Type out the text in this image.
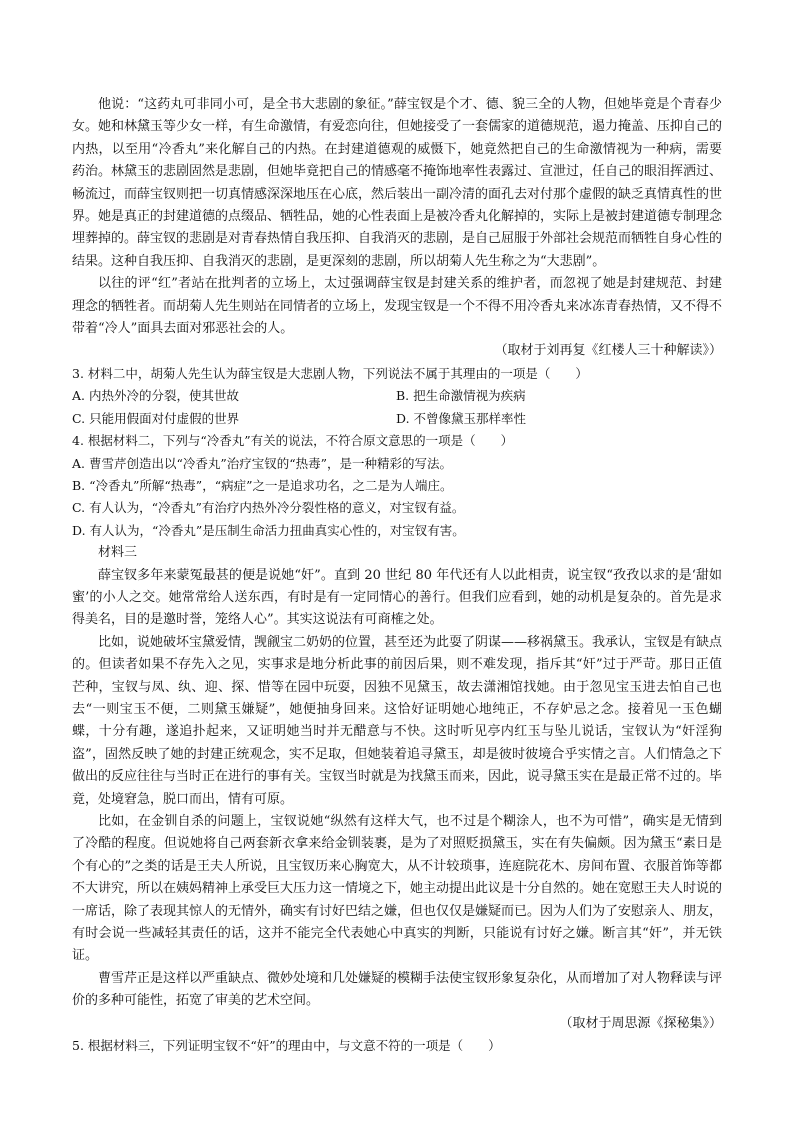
他说：“这药丸可非同小可，是全书大悲剧的象征。”薛宝钗是个才、德、貌三全的人物，但她毕竟是个青春少女。她和林黛玉等少女一样，有生命激情，有爱恋向往，但她接受了一套儒家的道德规范，遏力掩盖、压抑自己的内热，以至用“冷香丸”来化解自己的内热。在封建道德观的威慑下，她竟然把自己的生命激情视为一种病，需要药治。林黛玉的悲剧固然是悲剧，但她毕竟把自己的情感毫不掩饰地率性表露过、宣泄过，任自己的眼泪挥洒过、畅流过，而薛宝钗则把一切真情感深深地压在心底，然后装出一副冷清的面孔去对付那个虚假的缺乏真情真性的世界。她是真正的封建道德的点缀品、牺牲品，她的心性表面上是被冷香丸化解掉的，实际上是被封建道德专制理念埋葬掉的。薛宝钗的悲剧是对青春热情自我压抑、自我消灭的悲剧，是自己屈服于外部社会规范而牺牲自身心性的结果。这种自我压抑、自我消灭的悲剧，是更深刻的悲剧，所以胡菊人先生称之为“大悲剧”。

以往的评“红”者站在批判者的立场上，太过强调薛宝钗是封建关系的维护者，而忽视了她是封建规范、封建理念的牺牲者。而胡菊人先生则站在同情者的立场上，发现宝钗是一个不得不用冷香丸来冰冻青春热情，又不得不带着“冷人”面具去面对邪恶社会的人。

（取材于刘再复《红楼人三十种解读》）

3. 材料二中，胡菊人先生认为薛宝钗是大悲剧人物，下列说法不属于其理由的一项是（　　）

A. 内热外冷的分裂，使其世故	B. 把生命激情视为疾病
C. 只能用假面对付虚假的世界	D. 不曾像黛玉那样率性

4. 根据材料二，下列与“冷香丸”有关的说法，不符合原文意思的一项是（　　）

A. 曹雪芹创造出以“冷香丸”治疗宝钗的“热毒”，是一种精彩的写法。

B. “冷香丸”所解“热毒”，“病症”之一是追求功名，之二是为人端庄。

C. 有人认为，“冷香丸”有治疗内热外冷分裂性格的意义，对宝钗有益。

D. 有人认为，“冷香丸”是压制生命活力扭曲真实心性的，对宝钗有害。

材料三

薛宝钗多年来蒙冤最甚的便是说她“奸”。直到 20 世纪 80 年代还有人以此相责，说宝钗“孜孜以求的是‘甜如蜜’的小人之交。她常常给人送东西，有时是有一定同情心的善行。但我们应看到，她的动机是复杂的。首先是求得美名，目的是邀时誉，笼络人心”。其实这说法有可商榷之处。

比如，说她破坏宝黛爱情，觊觎宝二奶奶的位置，甚至还为此耍了阴谋——移祸黛玉。我承认，宝钗是有缺点的。但读者如果不存先入之见，实事求是地分析此事的前因后果，则不难发现，指斥其“奸”过于严苛。那日正值芒种，宝钗与凤、纨、迎、探、惜等在园中玩耍，因独不见黛玉，故去潇湘馆找她。由于忽见宝玉进去怕自己也去“一则宝玉不便，二则黛玉嫌疑”，她便抽身回来。这恰好证明她心地纯正，不存妒忌之念。接着见一玉色蝴蝶，十分有趣，遂追扑起来，又证明她当时并无醋意与不快。这时听见亭内红玉与坠儿说话，宝钗认为“奸淫狗盗”，固然反映了她的封建正统观念，实不足取，但她装着追寻黛玉，却是彼时彼境合乎实情之言。人们情急之下做出的反应往往与当时正在进行的事有关。宝钗当时就是为找黛玉而来，因此，说寻黛玉实在是最正常不过的。毕竟，处境窘急，脱口而出，情有可原。

比如，在金钏自杀的问题上，宝钗说她“纵然有这样大气，也不过是个糊涂人，也不为可惜”，确实是无情到了冷酷的程度。但说她将自己两套新衣拿来给金钏装裹，是为了对照贬损黛玉，实在有失偏颇。因为黛玉“素日是个有心的”之类的话是王夫人所说，且宝钗历来心胸宽大，从不计较琐事，连庭院花木、房间布置、衣服首饰等都不大讲究，所以在姨妈精神上承受巨大压力这一情境之下，她主动提出此议是十分自然的。她在宽慰王夫人时说的一席话，除了表现其惊人的无情外，确实有讨好巴结之嫌，但也仅仅是嫌疑而已。因为人们为了安慰亲人、朋友，有时会说一些减轻其责任的话，这并不能完全代表她心中真实的判断，只能说有讨好之嫌。断言其“奸”，并无铁证。

曹雪芹正是这样以严重缺点、微妙处境和几处嫌疑的模糊手法使宝钗形象复杂化，从而增加了对人物释读与评价的多种可能性，拓宽了审美的艺术空间。

（取材于周思源《探秘集》）

5. 根据材料三，下列证明宝钗不“奸”的理由中，与文意不符的一项是（　　）
